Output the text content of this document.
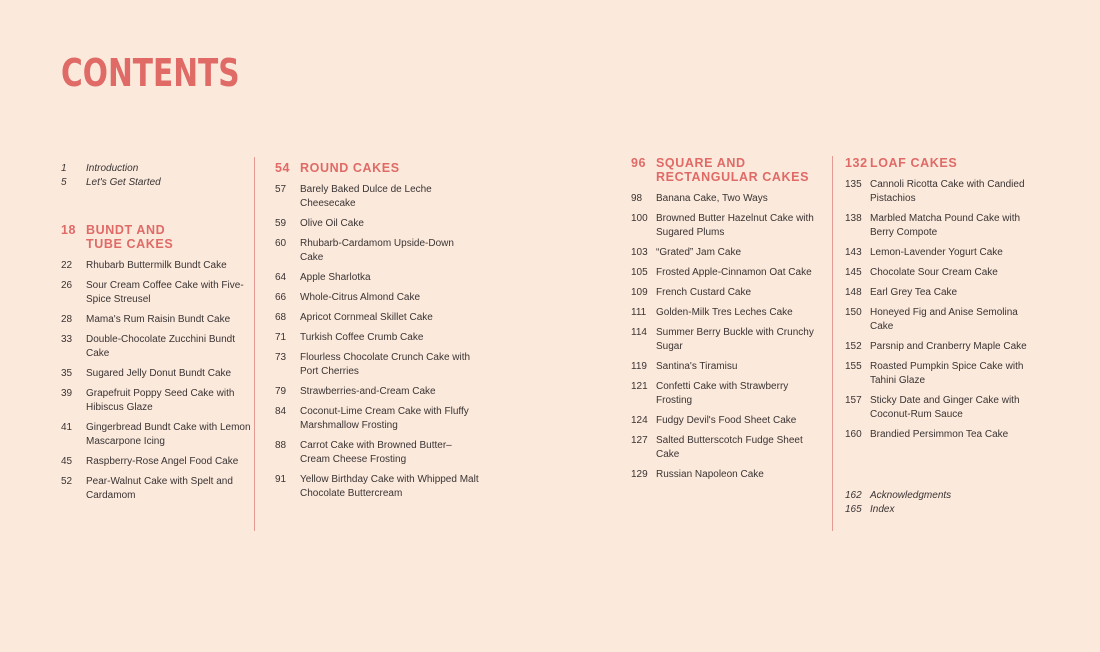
CONTENTS
1	Introduction
5	Let's Get Started
18 BUNDT AND
TUBE CAKES
22	Rhubarb Buttermilk Bundt Cake
26	Sour Cream Coffee Cake with Five-Spice Streusel
28	Mama's Rum Raisin Bundt Cake
33	Double-Chocolate Zucchini Bundt Cake
35	Sugared Jelly Donut Bundt Cake
39	Grapefruit Poppy Seed Cake with Hibiscus Glaze
41	Gingerbread Bundt Cake with Lemon Mascarpone Icing
45	Raspberry-Rose Angel Food Cake
52	Pear-Walnut Cake with Spelt and Cardamom
54 ROUND CAKES
57	Barely Baked Dulce de Leche Cheesecake
59	Olive Oil Cake
60	Rhubarb-Cardamom Upside-Down Cake
64	Apple Sharlotka
66	Whole-Citrus Almond Cake
68	Apricot Cornmeal Skillet Cake
71	Turkish Coffee Crumb Cake
73	Flourless Chocolate Crunch Cake with Port Cherries
79	Strawberries-and-Cream Cake
84	Coconut-Lime Cream Cake with Fluffy Marshmallow Frosting
88	Carrot Cake with Browned Butter–Cream Cheese Frosting
91	Yellow Birthday Cake with Whipped Malt Chocolate Buttercream
96 SQUARE AND
RECTANGULAR CAKES
98	Banana Cake, Two Ways
100 Browned Butter Hazelnut Cake with Sugared Plums
103 “Grated” Jam Cake
105 Frosted Apple-Cinnamon Oat Cake
109 French Custard Cake
111 Golden-Milk Tres Leches Cake
114 Summer Berry Buckle with Crunchy Sugar
119 Santina's Tiramisu
121 Confetti Cake with Strawberry Frosting
124 Fudgy Devil's Food Sheet Cake
127 Salted Butterscotch Fudge Sheet Cake
129 Russian Napoleon Cake
132 LOAF CAKES
135 Cannoli Ricotta Cake with Candied Pistachios
138 Marbled Matcha Pound Cake with Berry Compote
143 Lemon-Lavender Yogurt Cake
145 Chocolate Sour Cream Cake
148 Earl Grey Tea Cake
150 Honeyed Fig and Anise Semolina Cake
152 Parsnip and Cranberry Maple Cake
155 Roasted Pumpkin Spice Cake with Tahini Glaze
157 Sticky Date and Ginger Cake with Coconut-Rum Sauce
160 Brandied Persimmon Tea Cake
162 Acknowledgments
165 Index
